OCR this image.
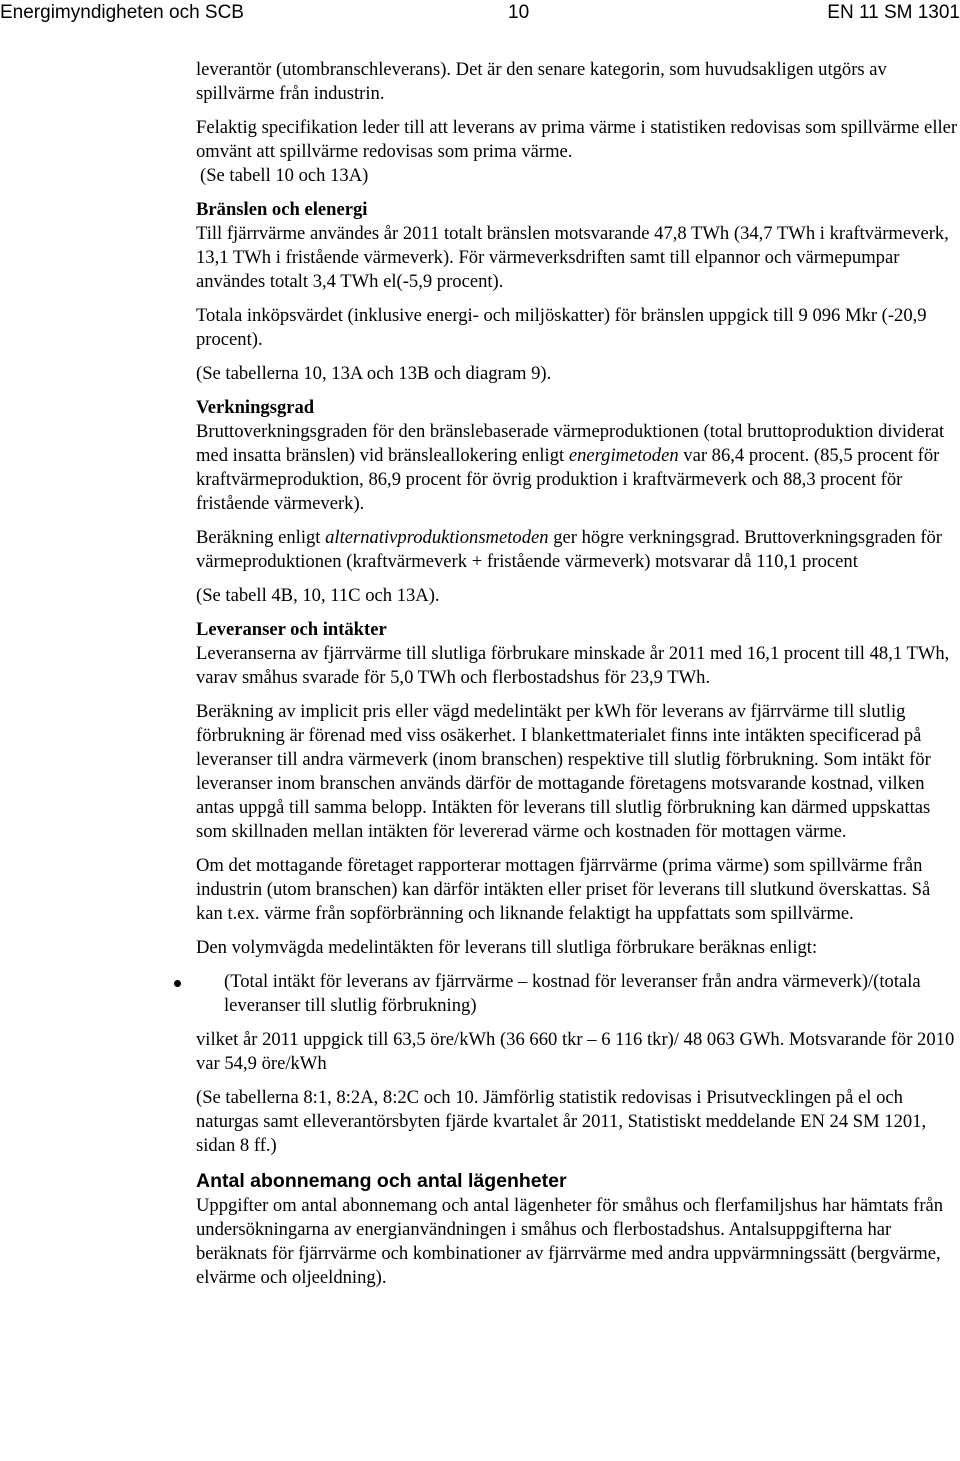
Energimyndigheten och SCB	10	EN 11 SM 1301

leverantör (utombranschleverans). Det är den senare kategorin, som huvudsakligen utgörs av spillvärme från industrin.

Felaktig specifikation leder till att leverans av prima värme i statistiken redovisas som spillvärme eller omvänt att spillvärme redovisas som prima värme.

(Se tabell 10 och 13A)

Bränslen och elenergi

Till fjärrvärme användes år 2011 totalt bränslen motsvarande 47,8 TWh (34,7 TWh i kraftvärmeverk, 13,1 TWh i fristående värmeverk). För värmeverksdriften samt till elpannor och värmepumpar användes totalt 3,4 TWh el(-5,9 procent).

Totala inköpsvärdet (inklusive energi- och miljöskatter) för bränslen uppgick till 9 096 Mkr (-20,9 procent).

(Se tabellerna 10, 13A och 13B och diagram 9).

Verkningsgrad

Bruttoverkningsgraden för den bränslebaserade värmeproduktionen (total bruttoproduktion dividerat med insatta bränslen) vid bränsleallokering enligt energimetoden var 86,4 procent. (85,5 procent för kraftvärmeproduktion, 86,9 procent för övrig produktion i kraftvärmeverk och 88,3 procent för fristående värmeverk).

Beräkning enligt alternativproduktionsmetoden ger högre verkningsgrad. Bruttoverkningsgraden för värmeproduktionen (kraftvärmeverk + fristående värmeverk) motsvarar då 110,1 procent

(Se tabell 4B, 10, 11C och 13A).

Leveranser och intäkter

Leveranserna av fjärrvärme till slutliga förbrukare minskade år 2011 med 16,1 procent till 48,1 TWh, varav småhus svarade för 5,0 TWh och flerbostadshus för 23,9 TWh.

Beräkning av implicit pris eller vägd medelintäkt per kWh för leverans av fjärrvärme till slutlig förbrukning är förenad med viss osäkerhet. I blankettmaterialet finns inte intäkten specificerad på leveranser till andra värmeverk (inom branschen) respektive till slutlig förbrukning. Som intäkt för leveranser inom branschen används därför de mottagande företagens motsvarande kostnad, vilken antas uppgå till samma belopp. Intäkten för leverans till slutlig förbrukning kan därmed uppskattas som skillnaden mellan intäkten för levererad värme och kostnaden för mottagen värme.

Om det mottagande företaget rapporterar mottagen fjärrvärme (prima värme) som spillvärme från industrin (utom branschen) kan därför intäkten eller priset för leverans till slutkund överskattas. Så kan t.ex. värme från sopförbränning och liknande felaktigt ha uppfattats som spillvärme.

Den volymvägda medelintäkten för leverans till slutliga förbrukare beräknas enligt:

(Total intäkt för leverans av fjärrvärme – kostnad för leveranser från andra värmeverk)/(totala leveranser till slutlig förbrukning)

vilket år 2011 uppgick till 63,5 öre/kWh (36 660 tkr – 6 116 tkr)/ 48 063 GWh. Motsvarande för 2010 var 54,9 öre/kWh

(Se tabellerna 8:1, 8:2A, 8:2C och 10. Jämförlig statistik redovisas i Prisutvecklingen på el och naturgas samt elleverantörsbyten fjärde kvartalet år 2011, Statistiskt meddelande EN 24 SM 1201, sidan 8 ff.)

Antal abonnemang och antal lägenheter

Uppgifter om antal abonnemang och antal lägenheter för småhus och flerfamiljshus har hämtats från undersökningarna av energianvändningen i småhus och flerbostadshus. Antalsuppgifterna har beräknats för fjärrvärme och kombinationer av fjärrvärme med andra uppvärmningssätt (bergvärme, elvärme och oljeeldning).
